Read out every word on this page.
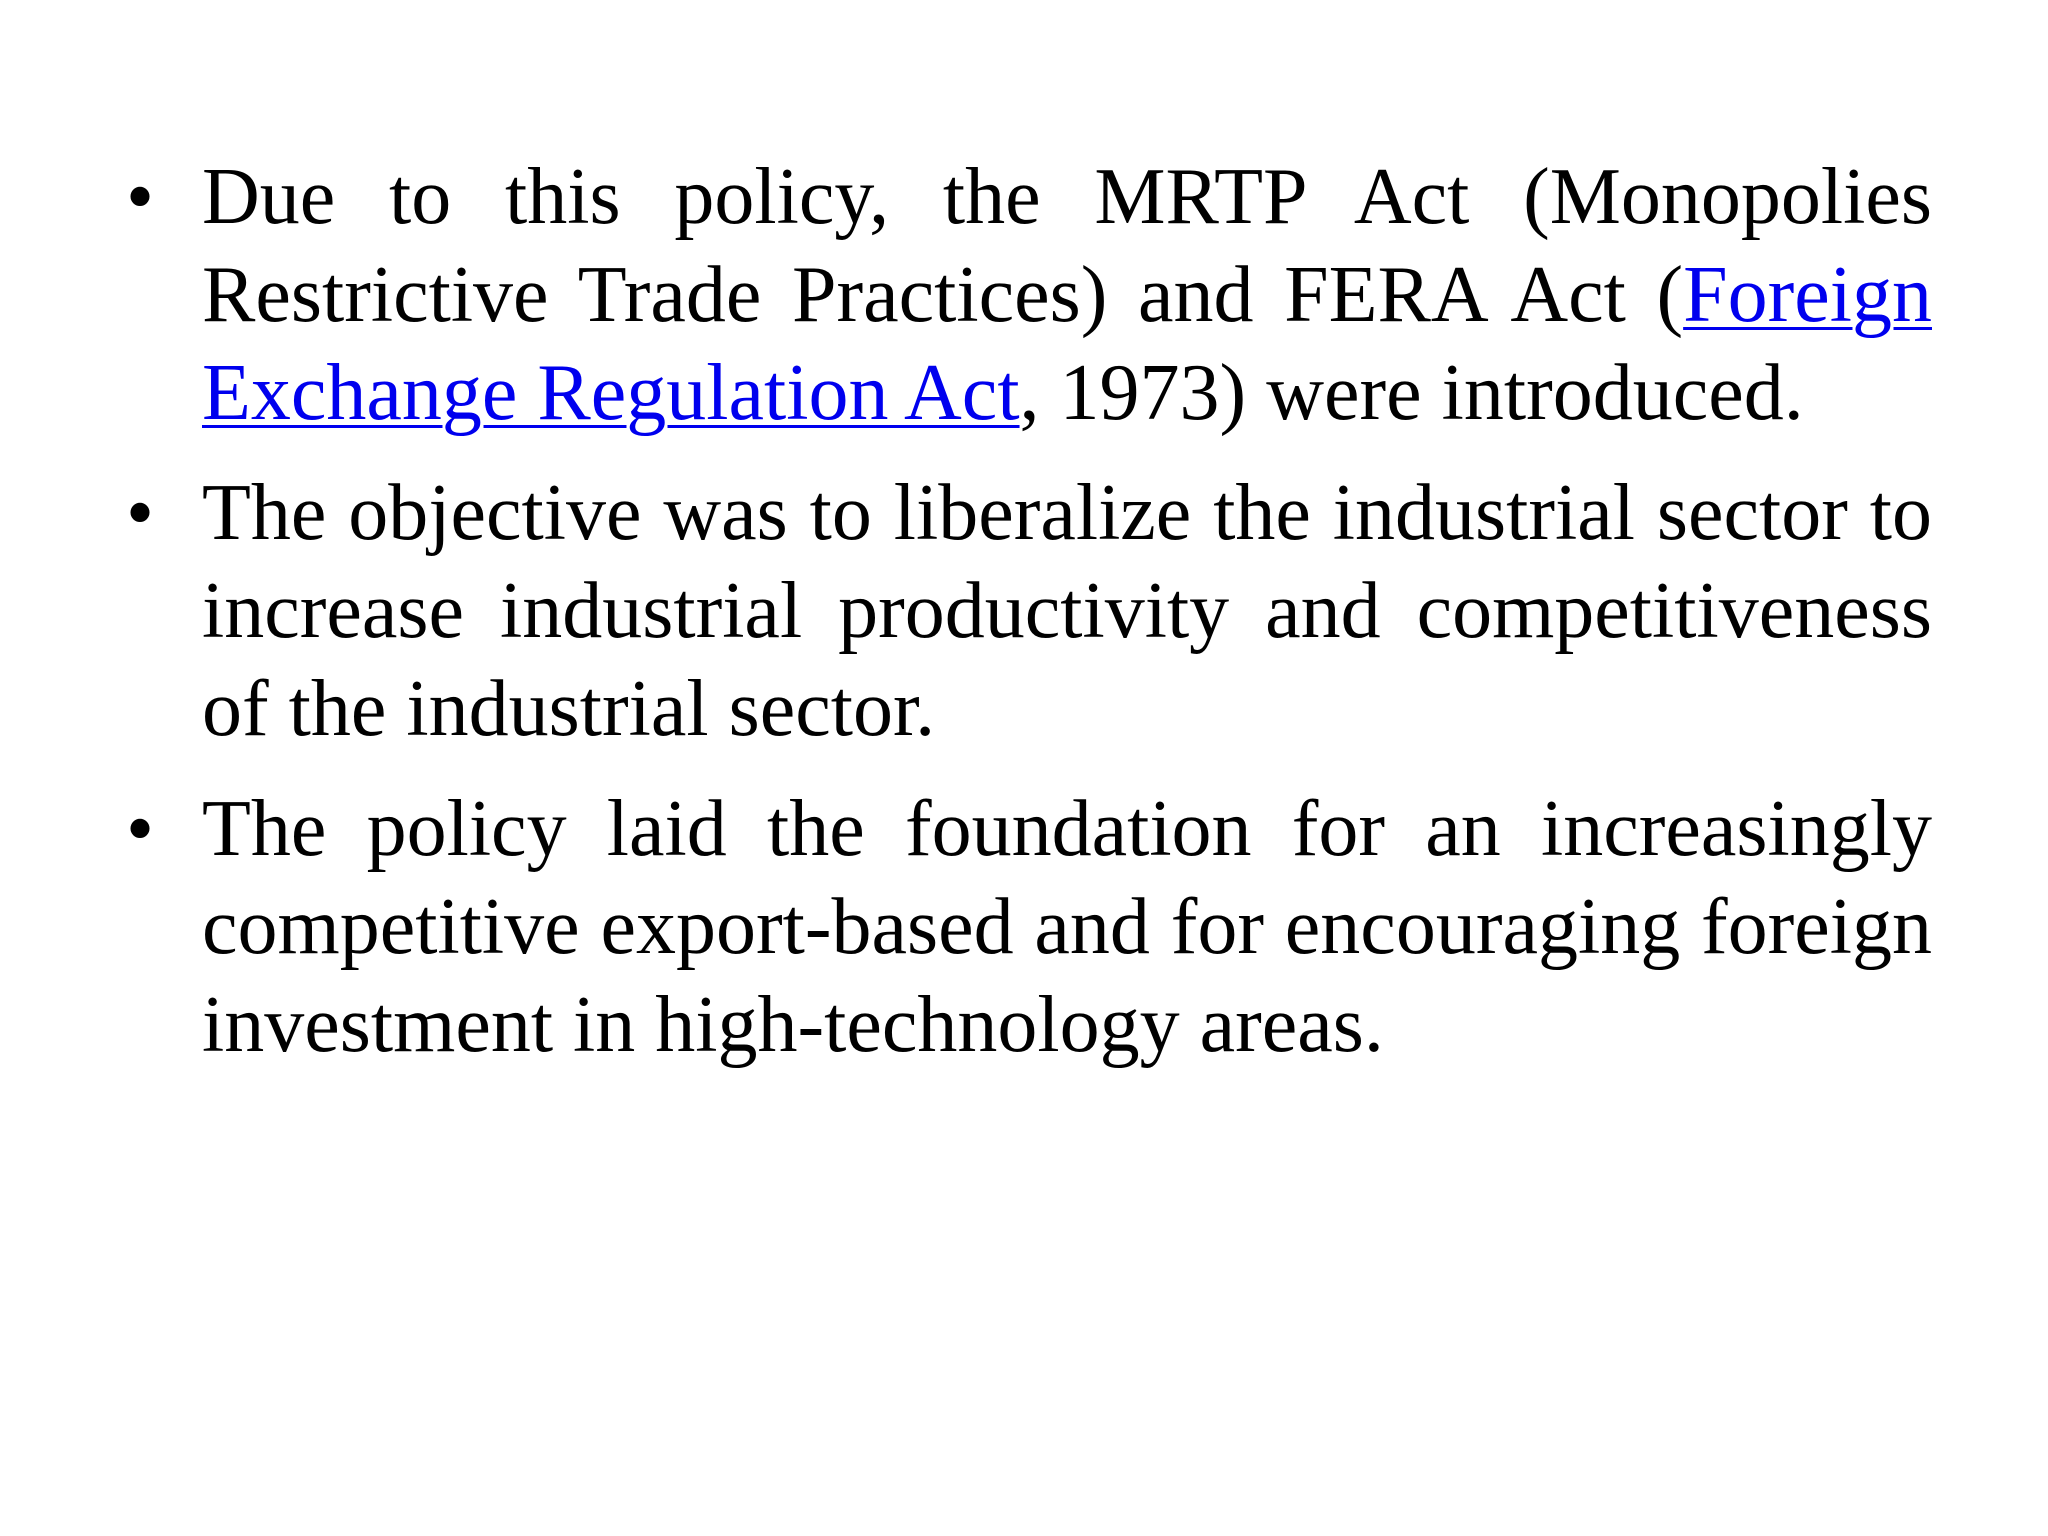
• Due to this policy, the MRTP Act (Monopolies Restrictive Trade Practices) and FERA Act (Foreign Exchange Regulation Act, 1973) were introduced.
• The objective was to liberalize the industrial sector to increase industrial productivity and competitiveness of the industrial sector.
• The policy laid the foundation for an increasingly competitive export-based and for encouraging foreign investment in high-technology areas.
